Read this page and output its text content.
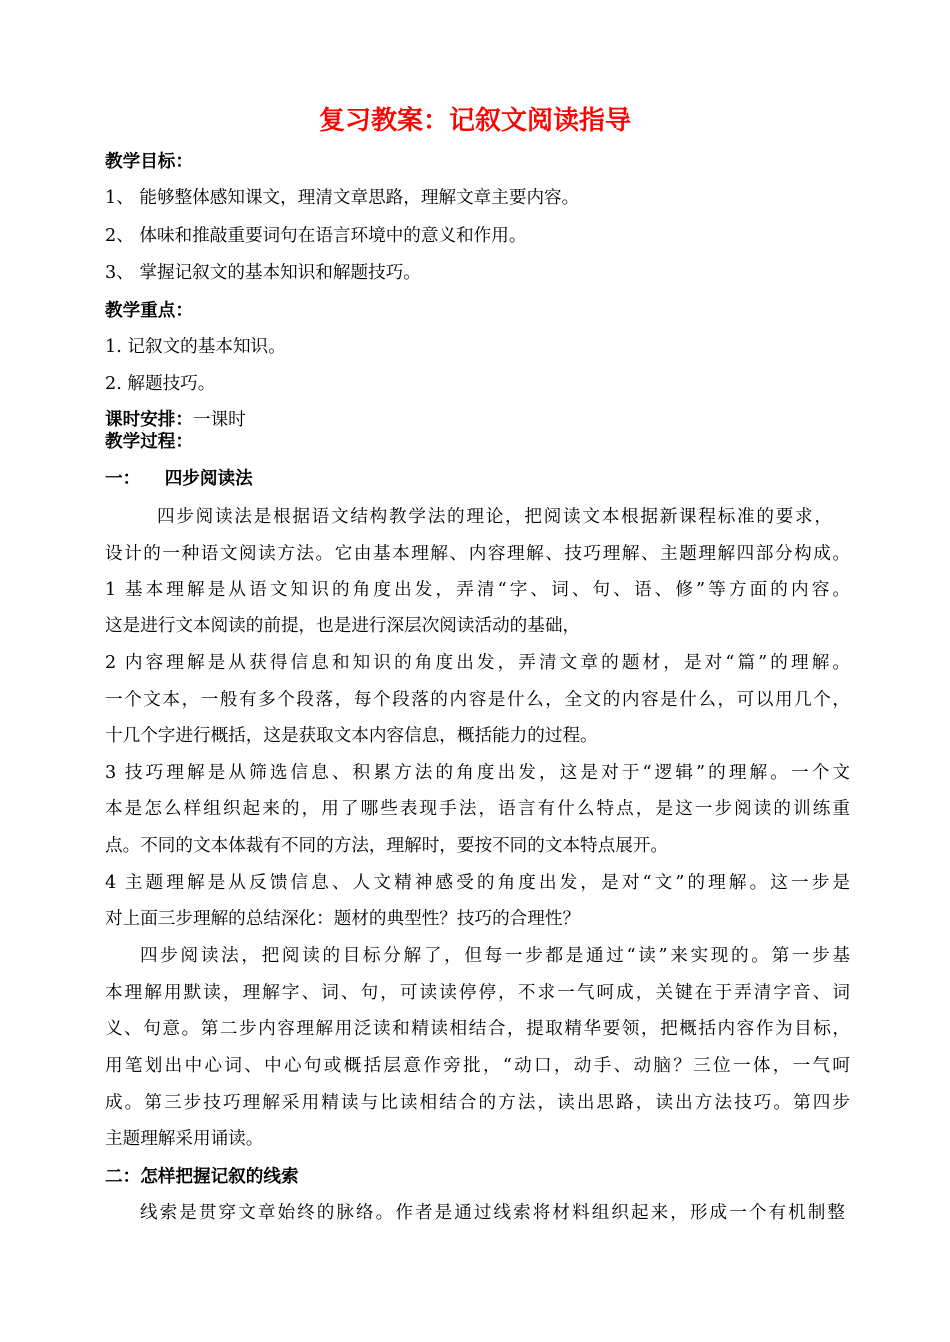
复习教案：记叙文阅读指导
教学目标：
1、 能够整体感知课文，理清文章思路，理解文章主要内容。
2、 体味和推敲重要词句在语言环境中的意义和作用。
3、 掌握记叙文的基本知识和解题技巧。
教学重点：
1. 记叙文的基本知识。
2. 解题技巧。
课时安排：一课时
教学过程：
一：    四步阅读法
四步阅读法是根据语文结构教学法的理论，把阅读文本根据新课程标准的要求，
设计的一种语文阅读方法。它由基本理解、内容理解、技巧理解、主题理解四部分构成。
1 基本理解是从语文知识的角度出发，弄清“字、词、句、语、修”等方面的内容。
这是进行文本阅读的前提，也是进行深层次阅读活动的基础，
2 内容理解是从获得信息和知识的角度出发，弄清文章的题材，是对“篇”的理解。
一个文本，一般有多个段落，每个段落的内容是什么，全文的内容是什么，可以用几个，
十几个字进行概括，这是获取文本内容信息，概括能力的过程。
3 技巧理解是从筛选信息、积累方法的角度出发，这是对于“逻辑”的理解。一个文
本是怎么样组织起来的，用了哪些表现手法，语言有什么特点，是这一步阅读的训练重
点。不同的文本体裁有不同的方法，理解时，要按不同的文本特点展开。
4 主题理解是从反馈信息、人文精神感受的角度出发，是对“文”的理解。这一步是
对上面三步理解的总结深化：题材的典型性？技巧的合理性？
四步阅读法，把阅读的目标分解了，但每一步都是通过“读”来实现的。第一步基
本理解用默读，理解字、词、句，可读读停停，不求一气呵成，关键在于弄清字音、词
义、句意。第二步内容理解用泛读和精读相结合，提取精华要领，把概括内容作为目标，
用笔划出中心词、中心句或概括层意作旁批，“动口，动手、动脑？三位一体，一气呵
成。第三步技巧理解采用精读与比读相结合的方法，读出思路，读出方法技巧。第四步
主题理解采用诵读。
二：怎样把握记叙的线索
线索是贯穿文章始终的脉络。作者是通过线索将材料组织起来，形成一个有机制整
